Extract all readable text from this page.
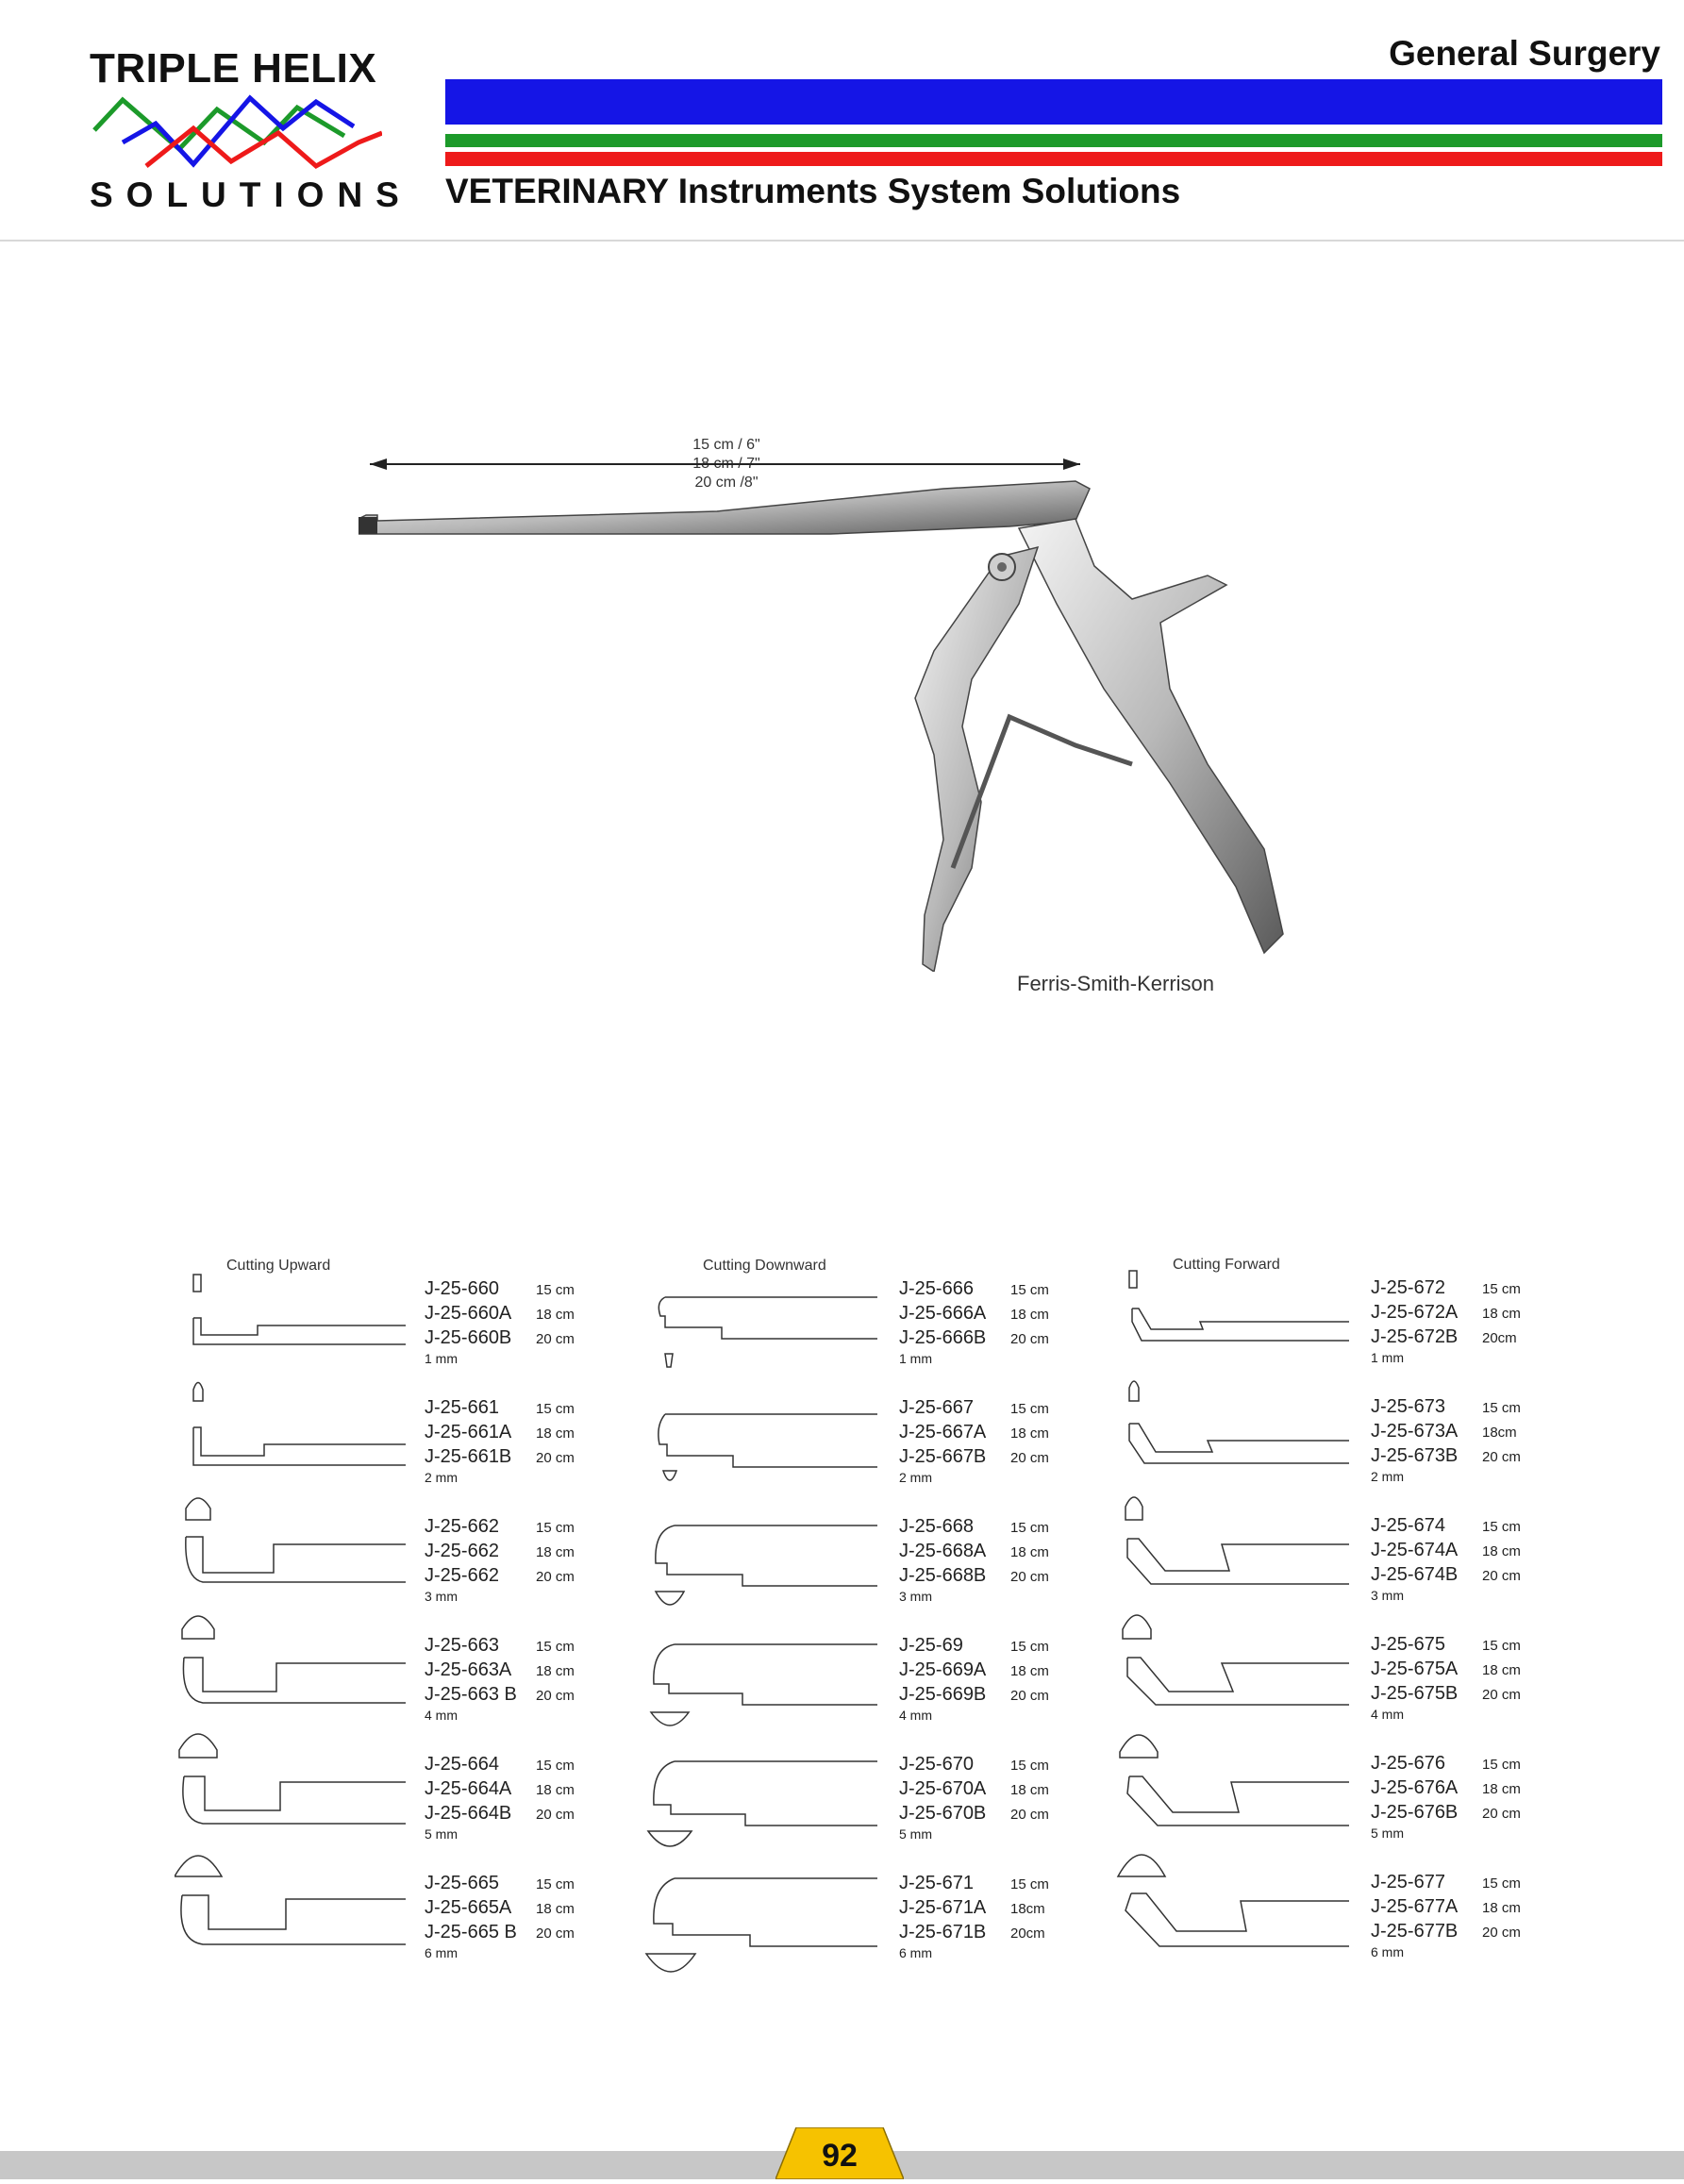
TRIPLE HELIX
SOLUTIONS
General Surgery
VETERINARY Instruments System Solutions
15 cm / 6"
18 cm / 7"
20 cm /8"
Ferris-Smith-Kerrison
Cutting Upward	Cutting Downward	Cutting Forward
J-25-660	15 cm
J-25-660A 18 cm
J-25-660B 20 cm
1 mm
J-25-661	15 cm
J-25-661A 18 cm
J-25-661B 20 cm
2 mm
J-25-662	15 cm
J-25-662	18 cm
J-25-662	20 cm
3 mm
J-25-663	15 cm
J-25-663A 18 cm
J-25-663 B 20 cm
4 mm
J-25-664	15 cm
J-25-664A 18 cm
J-25-664B 20 cm
5 mm
J-25-665	15 cm
J-25-665A 18 cm
J-25-665 B 20 cm
6 mm
J-25-666	15 cm
J-25-666A 18 cm
J-25-666B 20 cm
1 mm
J-25-667	15 cm
J-25-667A 18 cm
J-25-667B 20 cm
2 mm
J-25-668	15 cm
J-25-668A 18 cm
J-25-668B 20 cm
3 mm
J-25-69	15 cm
J-25-669A 18 cm
J-25-669B 20 cm
4 mm
J-25-670	15 cm
J-25-670A 18 cm
J-25-670B 20 cm
5 mm
J-25-671	15 cm
J-25-671A 18cm
J-25-671B 20cm
6 mm
J-25-672	15 cm
J-25-672A 18 cm
J-25-672B 20cm
1 mm
J-25-673	15 cm
J-25-673A 18cm
J-25-673B 20 cm
2 mm
J-25-674	15 cm
J-25-674A 18 cm
J-25-674B 20 cm
3 mm
J-25-675	15 cm
J-25-675A 18 cm
J-25-675B 20 cm
4 mm
J-25-676	15 cm
J-25-676A 18 cm
J-25-676B 20 cm
5 mm
J-25-677	15 cm
J-25-677A 18 cm
J-25-677B 20 cm
6 mm
92
